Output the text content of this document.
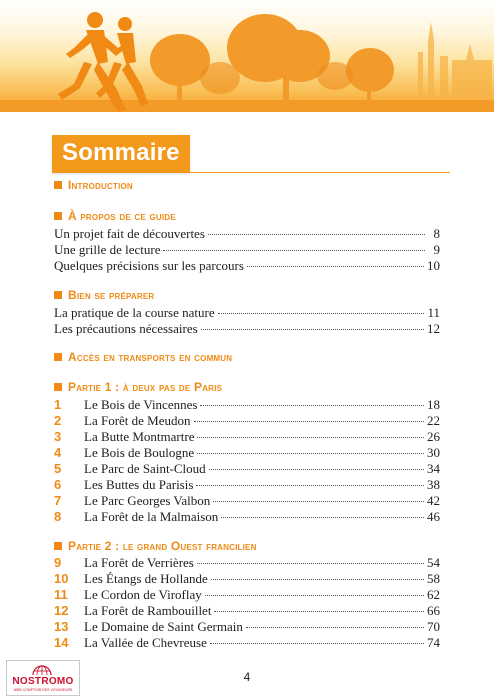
Sommaire
Introduction
À propos de ce guide
Un projet fait de découvertes	8
Une grille de lecture	9
Quelques précisions sur les parcours	10
Bien se préparer
La pratique de la course nature	11
Les précautions nécessaires	12
Accès en transports en commun
Partie 1 : à deux pas de Paris
1	Le Bois de Vincennes	18
2	La Forêt de Meudon	22
3	La Butte Montmartre	26
4	Le Bois de Boulogne	30
5	Le Parc de Saint-Cloud	34
6	Les Buttes du Parisis	38
7	Le Parc Georges Valbon	42
8	La Forêt de la Malmaison	46
Partie 2 : le grand Ouest francilien
9	La Forêt de Verrières	54
10	Les Étangs de Hollande	58
11	Le Cordon de Viroflay	62
12	La Forêt de Rambouillet	66
13	Le Domaine de Saint Germain	70
14	La Vallée de Chevreuse	74
4
NOSTROMO
WEB COMPTOIR DES VOYAGEURS
